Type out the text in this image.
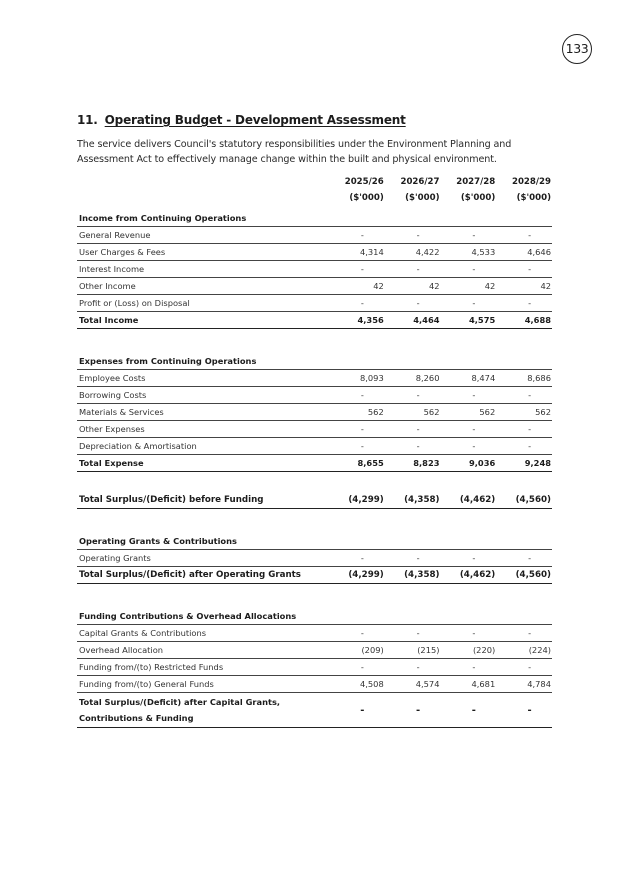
133
11. Operating Budget - Development Assessment
The service delivers Council's statutory responsibilities under the Environment Planning and Assessment Act to effectively manage change within the built and physical environment.
	2025/26	2026/27	2027/28	2028/29
	($'000)	($'000)	($'000)	($'000)
Income from Continuing Operations				
General Revenue	-	-	-	-
User Charges & Fees	4,314	4,422	4,533	4,646
Interest Income	-	-	-	-
Other Income	42	42	42	42
Profit or (Loss) on Disposal	-	-	-	-
Total Income	4,356	4,464	4,575	4,688

Expenses from Continuing Operations				
Employee Costs	8,093	8,260	8,474	8,686
Borrowing Costs	-	-	-	-
Materials & Services	562	562	562	562
Other Expenses	-	-	-	-
Depreciation & Amortisation	-	-	-	-
Total Expense	8,655	8,823	9,036	9,248

Total Surplus/(Deficit) before Funding	(4,299)	(4,358)	(4,462)	(4,560)

Operating Grants & Contributions				
Operating Grants	-	-	-	-
Total Surplus/(Deficit) after Operating Grants	(4,299)	(4,358)	(4,462)	(4,560)

Funding Contributions & Overhead Allocations				
Capital Grants & Contributions	-	-	-	-
Overhead Allocation	(209)	(215)	(220)	(224)
Funding from/(to) Restricted Funds	-	-	-	-
Funding from/(to) General Funds	4,508	4,574	4,681	4,784

Total Surplus/(Deficit) after Capital Grants,
Contributions & Funding	-	-	-	-
